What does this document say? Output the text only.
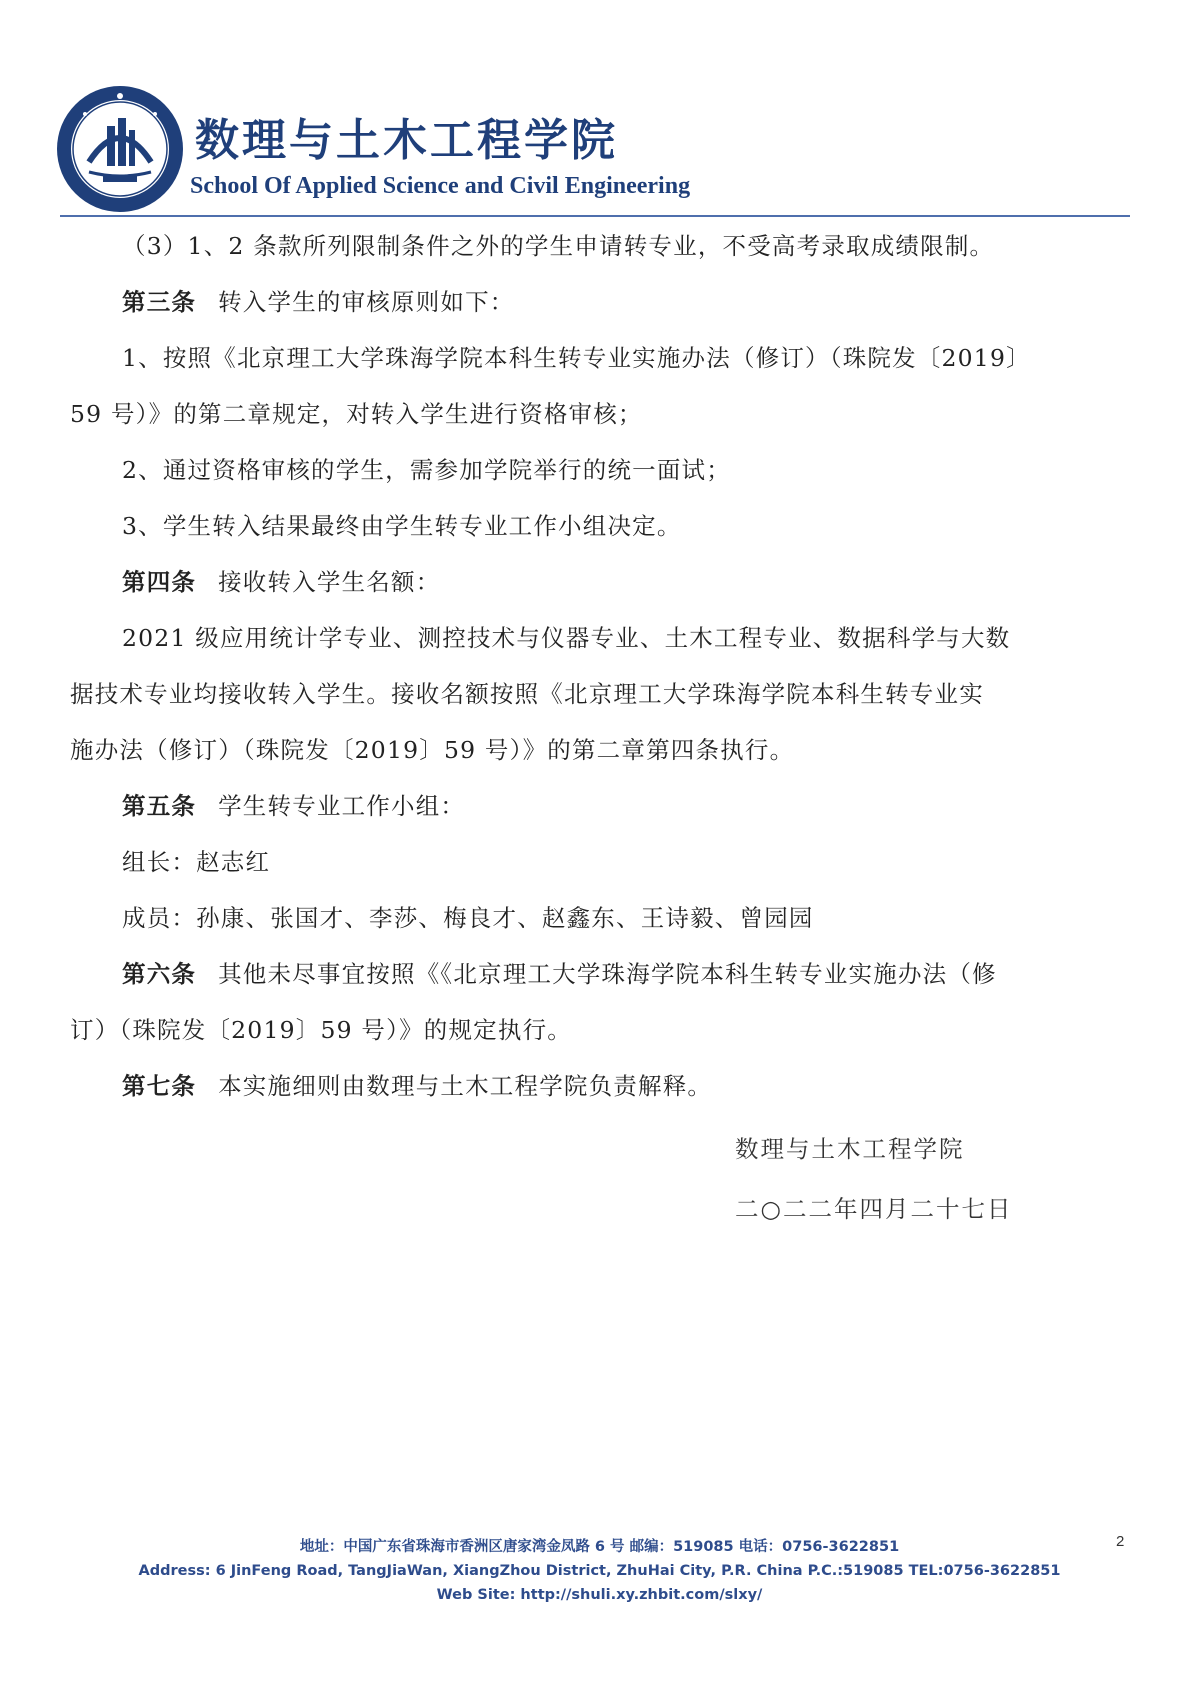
数理与土木工程学院
School Of Applied Science and Civil Engineering

（3）1、2 条款所列限制条件之外的学生申请转专业，不受高考录取成绩限制。

第三条 转入学生的审核原则如下：

1、按照《北京理工大学珠海学院本科生转专业实施办法（修订）（珠院发〔2019〕

59 号）》的第二章规定，对转入学生进行资格审核；

2、通过资格审核的学生，需参加学院举行的统一面试；

3、学生转入结果最终由学生转专业工作小组决定。

第四条 接收转入学生名额：

2021 级应用统计学专业、测控技术与仪器专业、土木工程专业、数据科学与大数

据技术专业均接收转入学生。接收名额按照《北京理工大学珠海学院本科生转专业实

施办法（修订）（珠院发〔2019〕59 号）》的第二章第四条执行。

第五条 学生转专业工作小组：

组长：赵志红

成员：孙康、张国才、李莎、梅良才、赵鑫东、王诗毅、曾园园

第六条 其他未尽事宜按照《《北京理工大学珠海学院本科生转专业实施办法（修

订）（珠院发〔2019〕59 号）》的规定执行。

第七条 本实施细则由数理与土木工程学院负责解释。

数理与土木工程学院
二○二二年四月二十七日
地址：中国广东省珠海市香洲区唐家湾金凤路 6 号 邮编：519085 电话：0756-3622851
Address: 6 JinFeng Road, TangJiaWan, XiangZhou District, ZhuHai City, P.R. China P.C.:519085 TEL:0756-3622851
Web Site: http://shuli.xy.zhbit.com/slxy/
2
